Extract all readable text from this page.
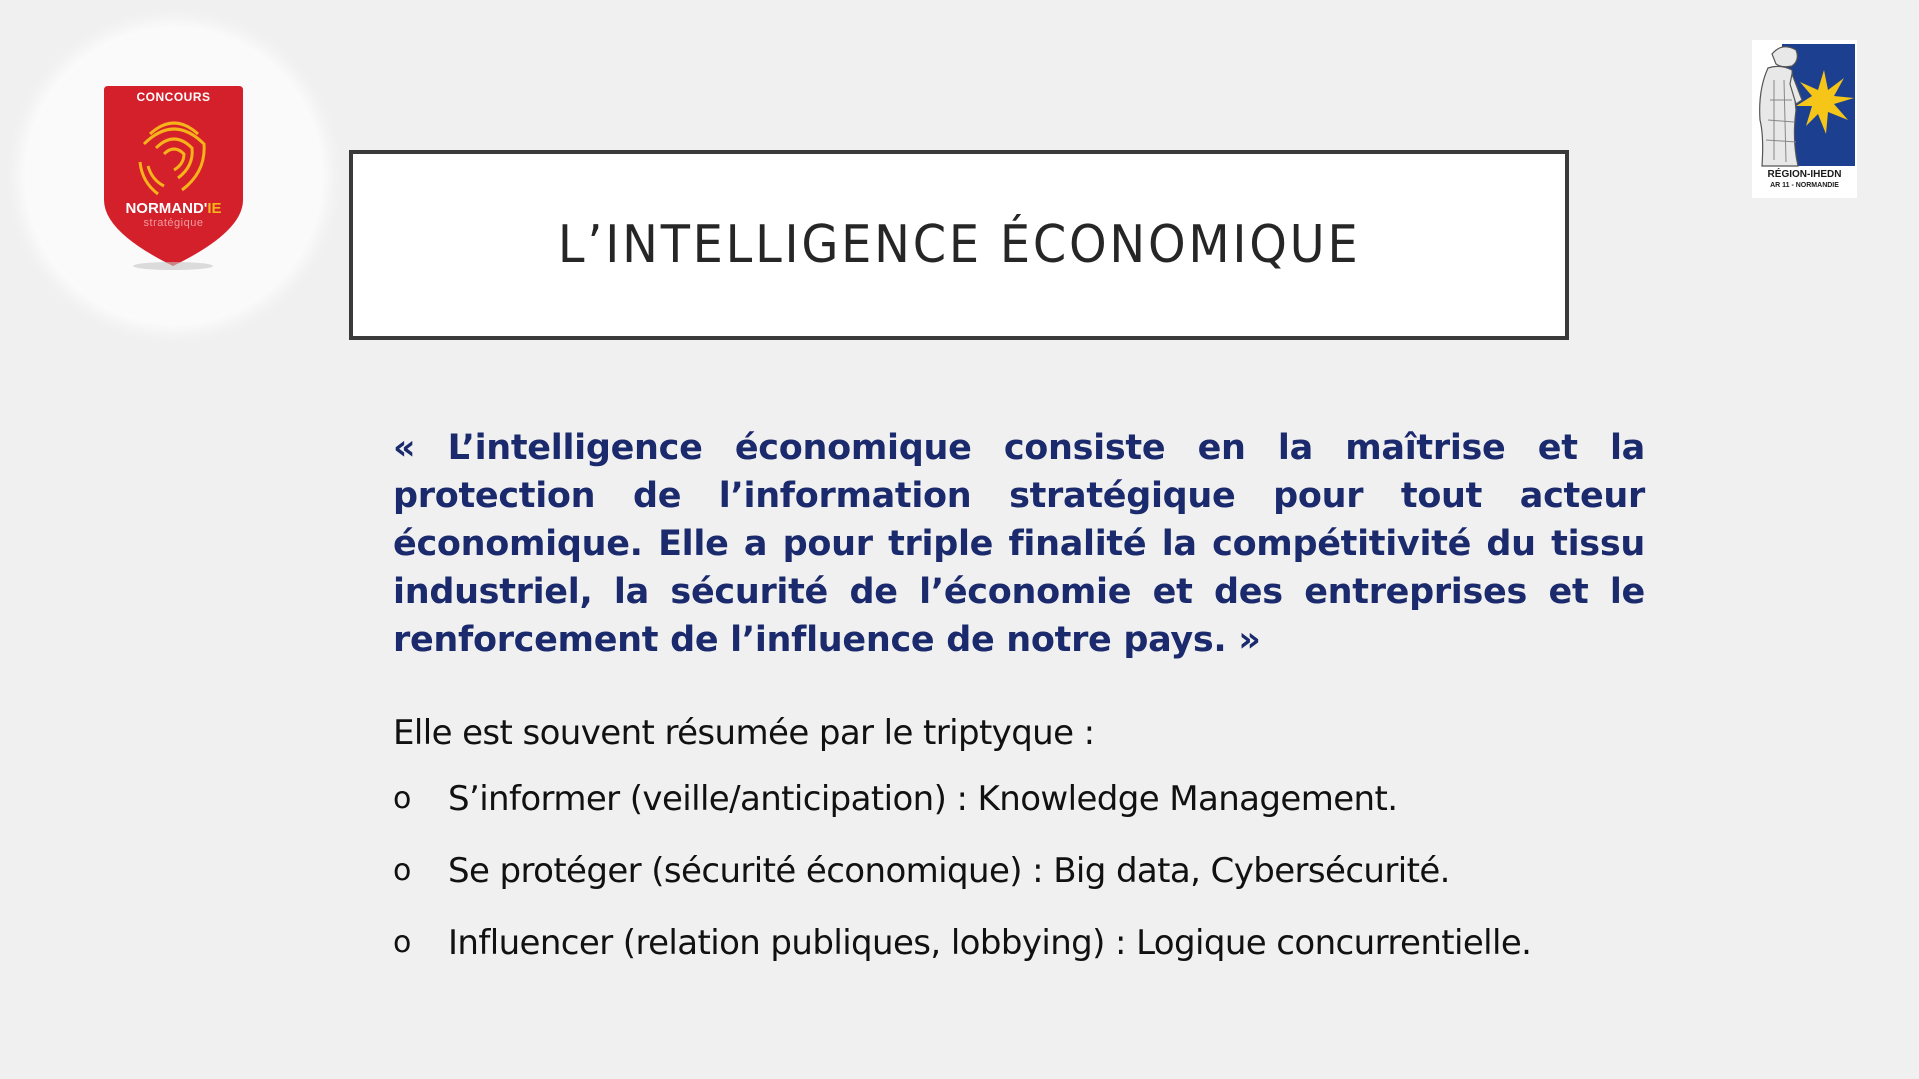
CONCOURS
NORMAND'IE
stratégique
RÉGION-IHEDN
AR 11 - NORMANDIE
L’INTELLIGENCE ÉCONOMIQUE
« L’intelligence économique consiste en la maîtrise et la protection de l’information stratégique pour tout acteur économique. Elle a pour triple finalité la compétitivité du tissu industriel, la sécurité de l’économie et des entreprises et le renforcement de l’influence de notre pays. »
Elle est souvent résumée par le triptyque :
o	S’informer (veille/anticipation) : Knowledge Management.
o	Se protéger (sécurité économique) : Big data, Cybersécurité.
o	Influencer (relation publiques, lobbying) : Logique concurrentielle.
